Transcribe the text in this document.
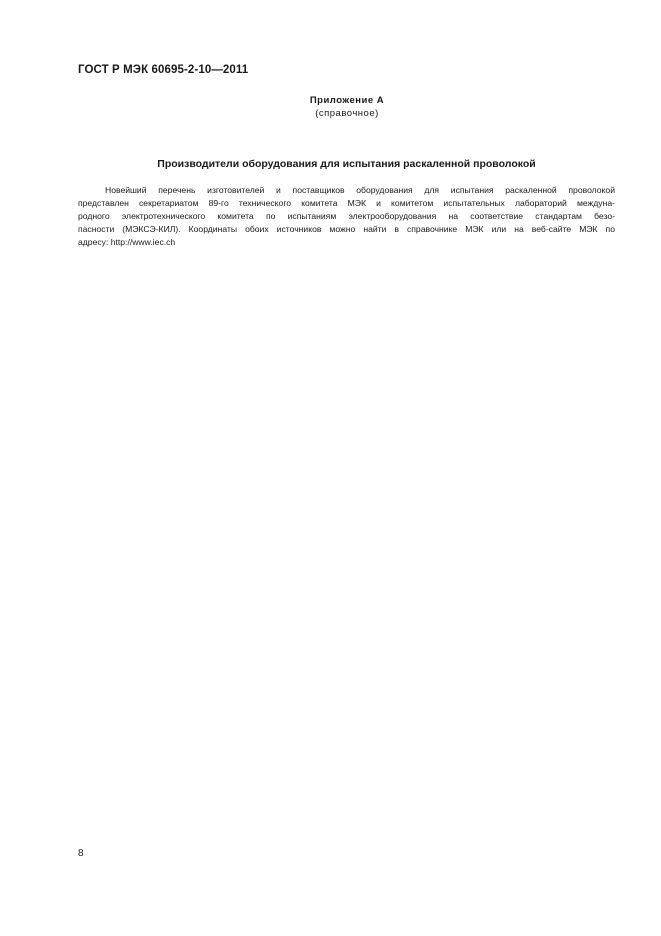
ГОСТ Р МЭК 60695-2-10—2011
Приложение А
(справочное)
Производители оборудования для испытания раскаленной проволокой

Новейший перечень изготовителей и поставщиков оборудования для испытания раскаленной проволокой
представлен секретариатом 89-го технического комитета МЭК и комитетом испытательных лабораторий междуна-
родного электротехнического комитета по испытаниям электрооборудования на соответствие стандартам безо-
пасности (МЭКСЭ-КИЛ). Координаты обоих источников можно найти в справочнике МЭК или на веб-сайте МЭК по
адресу: http://www.iec.ch

8
